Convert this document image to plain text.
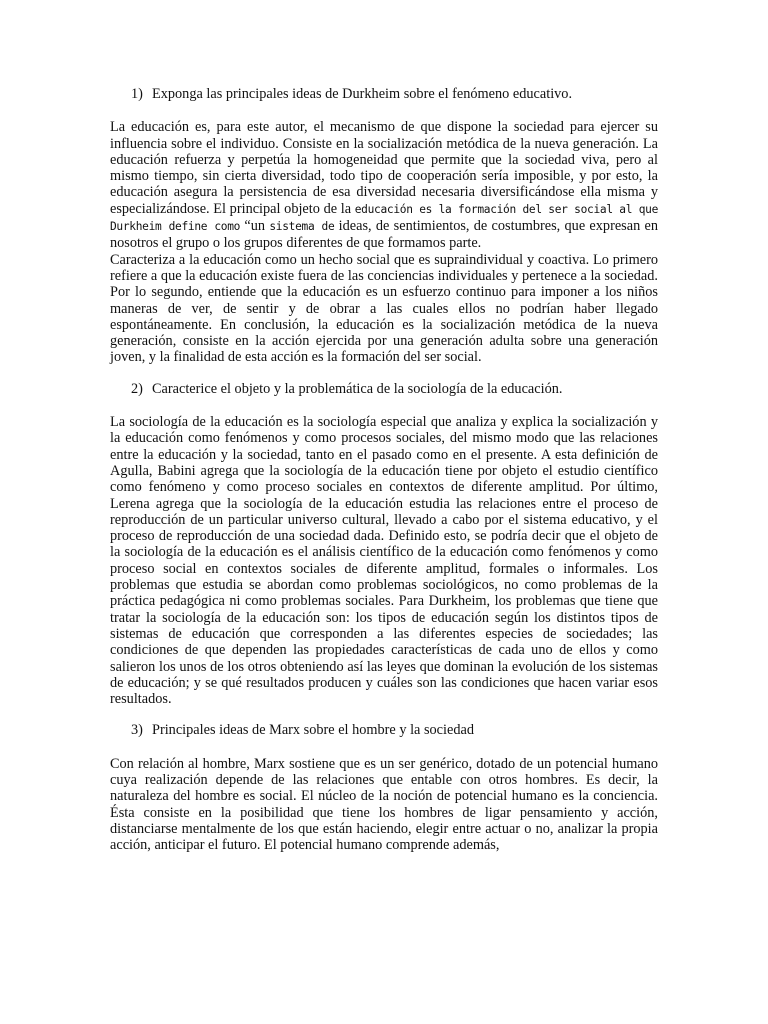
1) Exponga las principales ideas de Durkheim sobre el fenómeno educativo.

La educación es, para este autor, el mecanismo de que dispone la sociedad para ejercer su influencia sobre el individuo. Consiste en la socialización metódica de la nueva generación. La educación refuerza y perpetúa la homogeneidad que permite que la sociedad viva, pero al mismo tiempo, sin cierta diversidad, todo tipo de cooperación sería imposible, y por esto, la educación asegura la persistencia de esa diversidad necesaria diversificándose ella misma y especializándose. El principal objeto de la educación es la formación del ser social al que Durkheim define como “un sistema de ideas, de sentimientos, de costumbres, que expresan en nosotros el grupo o los grupos diferentes de que formamos parte.

Caracteriza a la educación como un hecho social que es supraindividual y coactiva. Lo primero refiere a que la educación existe fuera de las conciencias individuales y pertenece a la sociedad. Por lo segundo, entiende que la educación es un esfuerzo continuo para imponer a los niños maneras de ver, de sentir y de obrar a las cuales ellos no podrían haber llegado espontáneamente. En conclusión, la educación es la socialización metódica de la nueva generación, consiste en la acción ejercida por una generación adulta sobre una generación joven, y la finalidad de esta acción es la formación del ser social.

2) Caracterice el objeto y la problemática de la sociología de la educación.

La sociología de la educación es la sociología especial que analiza y explica la socialización y la educación como fenómenos y como procesos sociales, del mismo modo que las relaciones entre la educación y la sociedad, tanto en el pasado como en el presente. A esta definición de Agulla, Babini agrega que la sociología de la educación tiene por objeto el estudio científico como fenómeno y como proceso sociales en contextos de diferente amplitud. Por último, Lerena agrega que la sociología de la educación estudia las relaciones entre el proceso de reproducción de un particular universo cultural, llevado a cabo por el sistema educativo, y el proceso de reproducción de una sociedad dada. Definido esto, se podría decir que el objeto de la sociología de la educación es el análisis científico de la educación como fenómenos y como proceso social en contextos sociales de diferente amplitud, formales o informales. Los problemas que estudia se abordan como problemas sociológicos, no como problemas de la práctica pedagógica ni como problemas sociales. Para Durkheim, los problemas que tiene que tratar la sociología de la educación son: los tipos de educación según los distintos tipos de sistemas de educación que corresponden a las diferentes especies de sociedades; las condiciones de que dependen las propiedades características de cada uno de ellos y como salieron los unos de los otros obteniendo así las leyes que dominan la evolución de los sistemas de educación; y se qué resultados producen y cuáles son las condiciones que hacen variar esos resultados.

3) Principales ideas de Marx sobre el hombre y la sociedad

Con relación al hombre, Marx sostiene que es un ser genérico, dotado de un potencial humano cuya realización depende de las relaciones que entable con otros hombres. Es decir, la naturaleza del hombre es social. El núcleo de la noción de potencial humano es la conciencia. Ésta consiste en la posibilidad que tiene los hombres de ligar pensamiento y acción, distanciarse mentalmente de los que están haciendo, elegir entre actuar o no, analizar la propia acción, anticipar el futuro. El potencial humano comprende además,
